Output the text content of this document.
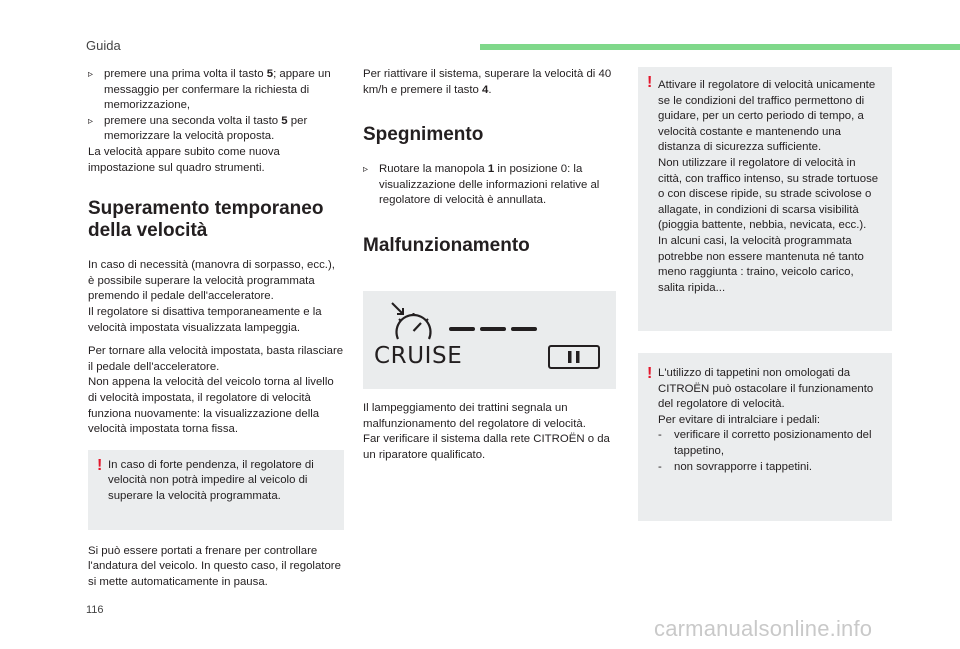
Guida
▹ premere una prima volta il tasto 5; appare un messaggio per confermare la richiesta di memorizzazione,
▹ premere una seconda volta il tasto 5 per memorizzare la velocità proposta.

La velocità appare subito come nuova impostazione sul quadro strumenti.

Superamento temporaneo della velocità

In caso di necessità (manovra di sorpasso, ecc.), è possibile superare la velocità programmata premendo il pedale dell'acceleratore.
Il regolatore si disattiva temporaneamente e la velocità impostata visualizzata lampeggia.

Per tornare alla velocità impostata, basta rilasciare il pedale dell'acceleratore.
Non appena la velocità del veicolo torna al livello di velocità impostata, il regolatore di velocità funziona nuovamente: la visualizzazione della velocità impostata torna fissa.

! In caso di forte pendenza, il regolatore di velocità non potrà impedire al veicolo di superare la velocità programmata.

Si può essere portati a frenare per controllare l'andatura del veicolo. In questo caso, il regolatore si mette automaticamente in pausa.

Per riattivare il sistema, superare la velocità di 40 km/h e premere il tasto 4.

Spegnimento
▹ Ruotare la manopola 1 in posizione 0: la visualizzazione delle informazioni relative al regolatore di velocità è annullata.
Malfunzionamento
CRUISE

Il lampeggiamento dei trattini segnala un malfunzionamento del regolatore di velocità.

Far verificare il sistema dalla rete CITROËN o da un riparatore qualificato.

! Attivare il regolatore di velocità unicamente se le condizioni del traffico permettono di guidare, per un certo periodo di tempo, a velocità costante e mantenendo una distanza di sicurezza sufficiente.
Non utilizzare il regolatore di velocità in città, con traffico intenso, su strade tortuose o con discese ripide, su strade scivolose o allagate, in condizioni di scarsa visibilità (pioggia battente, nebbia, nevicata, ecc.).
In alcuni casi, la velocità programmata potrebbe non essere mantenuta né tanto meno raggiunta : traino, veicolo carico, salita ripida...
! L'utilizzo di tappetini non omologati da CITROËN può ostacolare il funzionamento del regolatore di velocità.
Per evitare di intralciare i pedali:
- verificare il corretto posizionamento del tappetino,
- non sovrapporre i tappetini.
116
carmanualsonline.info
